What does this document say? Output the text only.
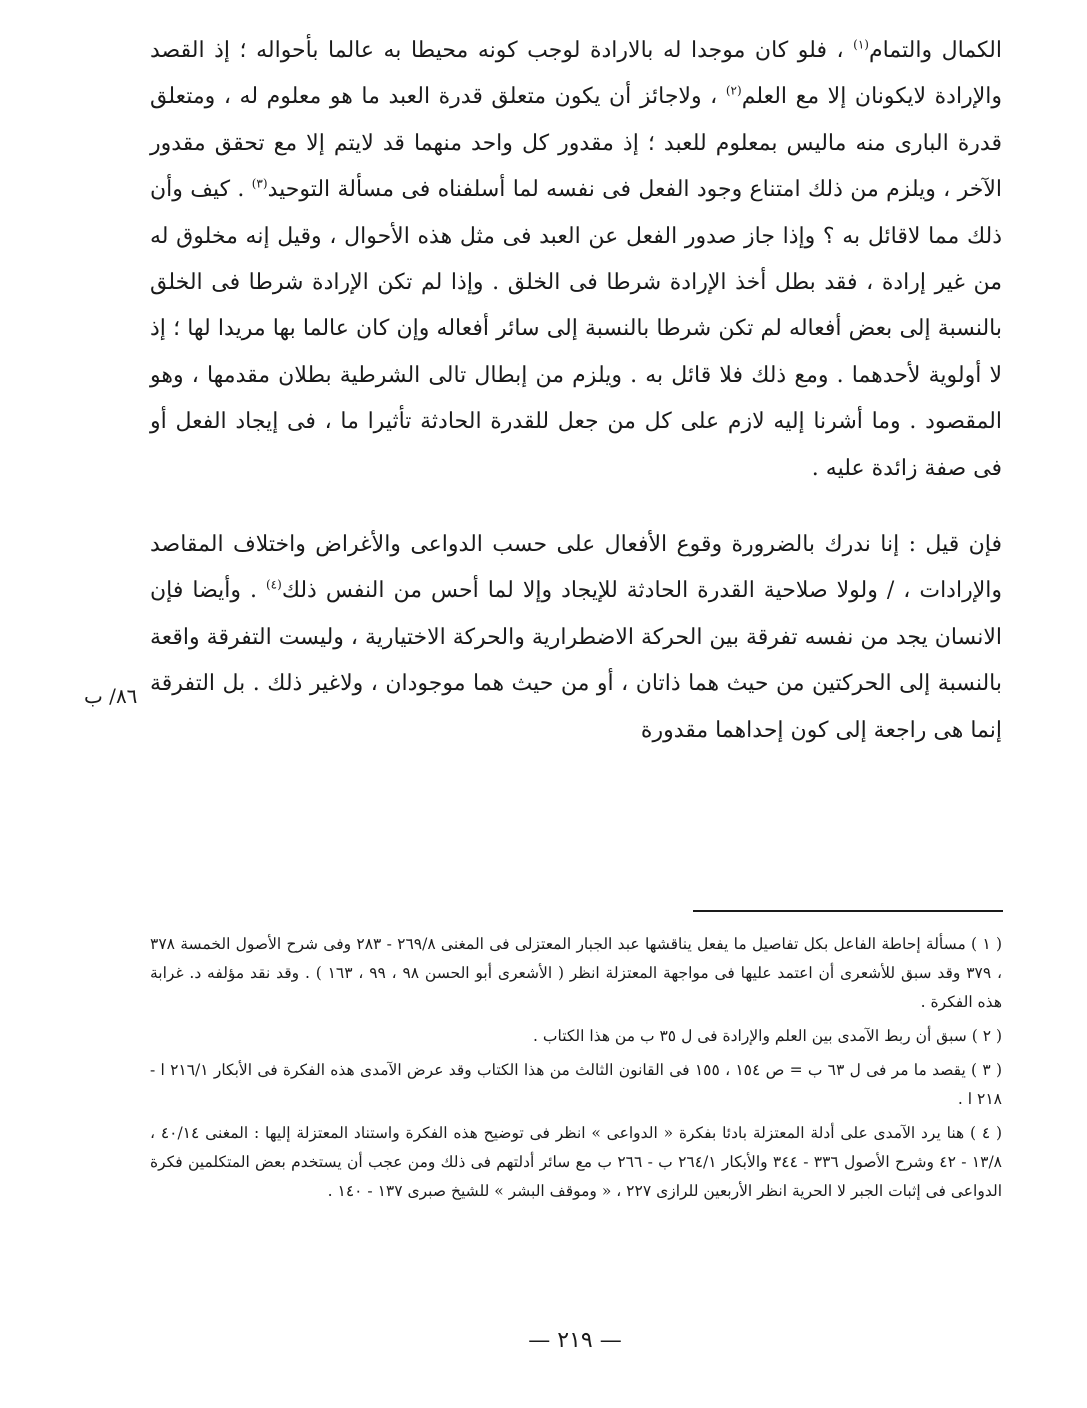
الكمال والتمام$^{(١)}$ ، فلو كان موجدا له بالارادة لوجب كونه محيطا به عالما بأحواله ؛ إذ القصد والإرادة لايكونان إلا مع العلم$^{(٢)}$ ، ولاجائز أن يكون متعلق قدرة العبد ما هو معلوم له ، ومتعلق قدرة البارى منه ماليس بمعلوم للعبد ؛ إذ مقدور كل واحد منهما قد لايتم إلا مع تحقق مقدور الآخر ، ويلزم من ذلك امتناع وجود الفعل فى نفسه لما أسلفناه فى مسألة التوحيد$^{(٣)}$ . كيف وأن ذلك مما لاقائل به ؟ وإذا جاز صدور الفعل عن العبد فى مثل هذه الأحوال ، وقيل إنه مخلوق له من غير إرادة ، فقد بطل أخذ الإرادة شرطا فى الخلق . وإذا لم تكن الإرادة شرطا فى الخلق بالنسبة إلى بعض أفعاله لم تكن شرطا بالنسبة إلى سائر أفعاله وإن كان عالما بها مريدا لها ؛ إذ لا أولوية لأحدهما . ومع ذلك فلا قائل به . ويلزم من إبطال تالى الشرطية بطلان مقدمها ، وهو المقصود . وما أشرنا إليه لازم على كل من جعل للقدرة الحادثة تأثيرا ما ، فى إيجاد الفعل أو فى صفة زائدة عليه .

فإن قيل : إنا ندرك بالضرورة وقوع الأفعال على حسب الدواعى والأغراض واختلاف المقاصد والإرادات ، / ولولا صلاحية القدرة الحادثة للإيجاد وإلا لما أحس من النفس ذلك$^{(٤)}$ . وأيضا فإن الانسان يجد من نفسه تفرقة بين الحركة الاضطرارية والحركة الاختيارية ، وليست التفرقة واقعة بالنسبة إلى الحركتين من حيث هما ذاتان ، أو من حيث هما موجودان ، ولاغير ذلك . بل التفرقة إنما هى راجعة إلى كون إحداهما مقدورة

٨٦/ ب

( ١ ) مسألة إحاطة الفاعل بكل تفاصيل ما يفعل يناقشها عبد الجبار المعتزلى فى المغنى ٢٦٩/٨ - ٢٨٣ وفى شرح الأصول الخمسة ٣٧٨ ، ٣٧٩ وقد سبق للأشعرى أن اعتمد عليها فى مواجهة المعتزلة انظر ( الأشعرى أبو الحسن ٩٨ ، ٩٩ ، ١٦٣ ) . وقد نقد مؤلفه د. غرابة هذه الفكرة .

( ٢ ) سبق أن ربط الآمدى بين العلم والإرادة فى ل ٣٥ ب من هذا الكتاب .

( ٣ ) يقصد ما مر فى ل ٦٣ ب = ص ١٥٤ ، ١٥٥ فى القانون الثالث من هذا الكتاب وقد عرض الآمدى هذه الفكرة فى الأبكار ٢١٦/١ ا - ٢١٨ ا .

( ٤ ) هنا يرد الآمدى على أدلة المعتزلة بادئا بفكرة « الدواعى » انظر فى توضيح هذه الفكرة واستناد المعتزلة إليها : المغنى ٤٠/١٤ ، ١٣/٨ - ٤٢ وشرح الأصول ٣٣٦ - ٣٤٤ والأبكار ٢٦٤/١ ب - ٢٦٦ ب مع سائر أدلتهم فى ذلك ومن عجب أن يستخدم بعض المتكلمين فكرة الدواعى فى إثبات الجبر لا الحرية انظر الأربعين للرازى ٢٢٧ ، « وموقف البشر » للشيخ صبرى ١٣٧ - ١٤٠ .

— ٢١٩ —
